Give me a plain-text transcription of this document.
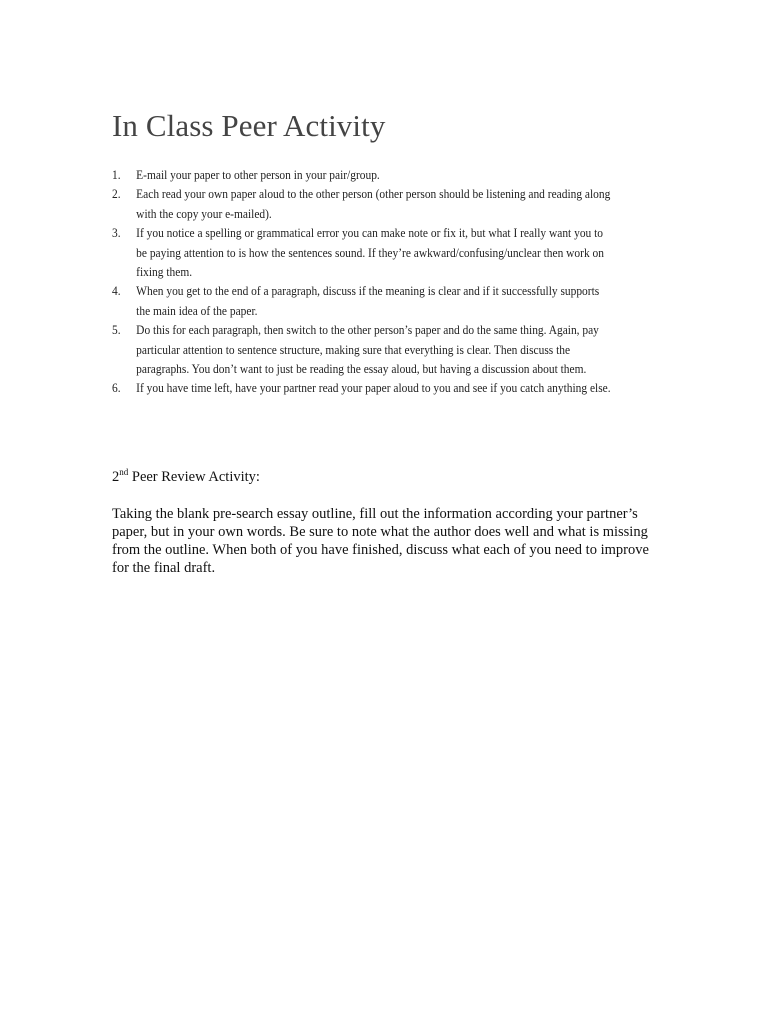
In Class Peer Activity
1.	E-mail your paper to other person in your pair/group.
2.	Each read your own paper aloud to the other person (other person should be listening and reading along with the copy your e-mailed).
3.	If you notice a spelling or grammatical error you can make note or fix it, but what I really want you to be paying attention to is how the sentences sound. If they’re awkward/confusing/unclear then work on fixing them.
4.	When you get to the end of a paragraph, discuss if the meaning is clear and if it successfully supports the main idea of the paper.
5.	Do this for each paragraph, then switch to the other person’s paper and do the same thing. Again, pay particular attention to sentence structure, making sure that everything is clear. Then discuss the paragraphs. You don’t want to just be reading the essay aloud, but having a discussion about them.
6.	If you have time left, have your partner read your paper aloud to you and see if you catch anything else.
2nd Peer Review Activity:

Taking the blank pre-search essay outline, fill out the information according your partner’s paper, but in your own words. Be sure to note what the author does well and what is missing from the outline. When both of you have finished, discuss what each of you need to improve for the final draft.
